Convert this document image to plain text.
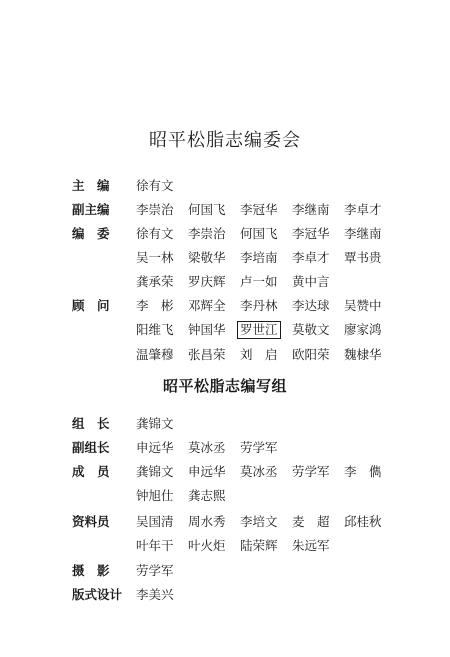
昭平松脂志编委会
主　编 徐有文
副主编 李崇治 何国飞 李冠华 李继南 李卓才
编　委 徐有文 李崇治 何国飞 李冠华 李继南
吴一林 梁敬华 李培南 李卓才 覃书贵
龚承荣 罗庆辉 卢一如 黄中言
顾　问 李　彬 邓辉全 李丹林 李达球 吴赞中
阳维飞 钟国华 罗世江 莫敬文 廖家鸿
温肇穆 张昌荣 刘　启 欧阳荣 魏棣华
昭平松脂志编写组
组　长 龚锦文
副组长 申远华 莫冰丞 劳学军
成　员 龚锦文 申远华 莫冰丞 劳学军 李　儁
钟旭仕 龚志熙
资料员 吴国清 周水秀 李培文 麦　超 邱桂秋
叶年干 叶火炬 陆荣辉 朱远军
摄　影 劳学军
版式设计 李美兴
